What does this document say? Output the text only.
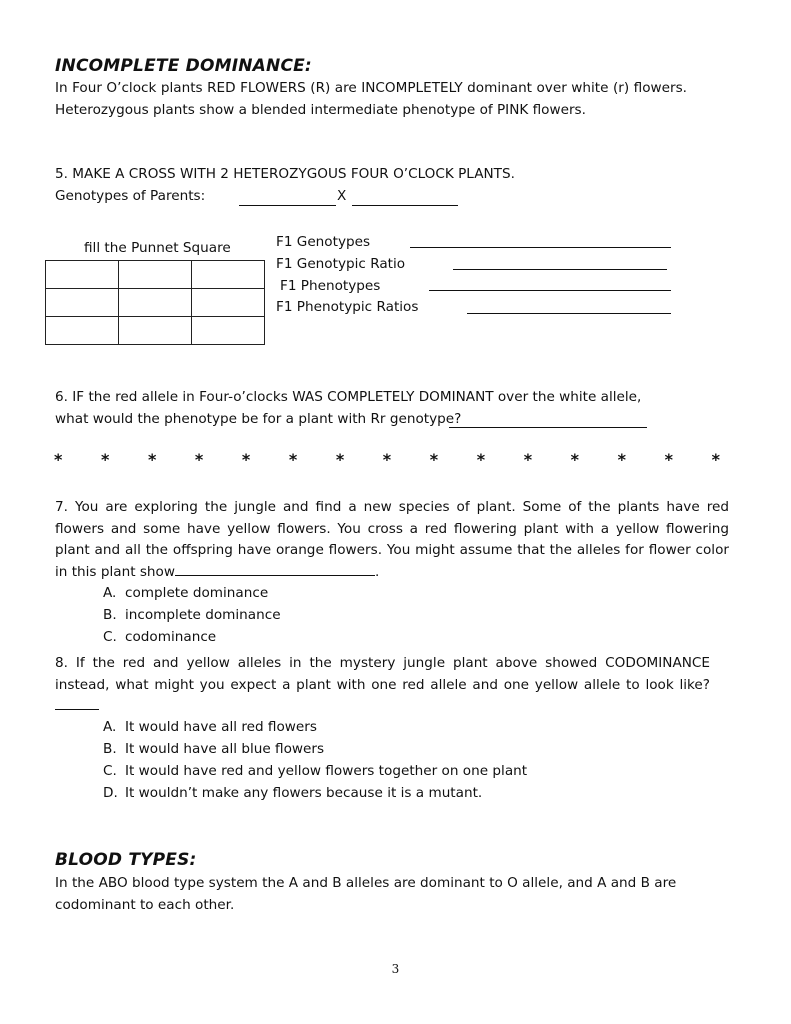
INCOMPLETE DOMINANCE:
In Four O’clock plants RED FLOWERS (R) are INCOMPLETELY dominant over white (r) flowers. Heterozygous plants show a blended intermediate phenotype of PINK flowers.
5. MAKE A CROSS WITH 2 HETEROZYGOUS FOUR O’CLOCK PLANTS.
Genotypes of Parents:	X
fill the Punnet Square

			F1 Genotypes
F1 Genotypic Ratio
F1 Phenotypes
F1 Phenotypic Ratios
6. IF the red allele in Four-o’clocks WAS COMPLETELY DOMINANT over the white allele,
what would the phenotype be for a plant with Rr genotype?
* * * * * * * * * * * * * * *
7. You are exploring the jungle and find a new species of plant. Some of the plants have red flowers and some have yellow flowers. You cross a red flowering plant with a yellow flowering plant and all the offspring have orange flowers. You might assume that the alleles for flower color in this plant show	.
A. complete dominance
B. incomplete dominance
C. codominance
8. If the red and yellow alleles in the mystery jungle plant above showed CODOMINANCE instead, what might you expect a plant with one red allele and one yellow allele to look like?
A. It would have all red flowers
B. It would have all blue flowers
C. It would have red and yellow flowers together on one plant
D. It wouldn’t make any flowers because it is a mutant.
BLOOD TYPES:
In the ABO blood type system the A and B alleles are dominant to O allele, and A and B are codominant to each other.
3
